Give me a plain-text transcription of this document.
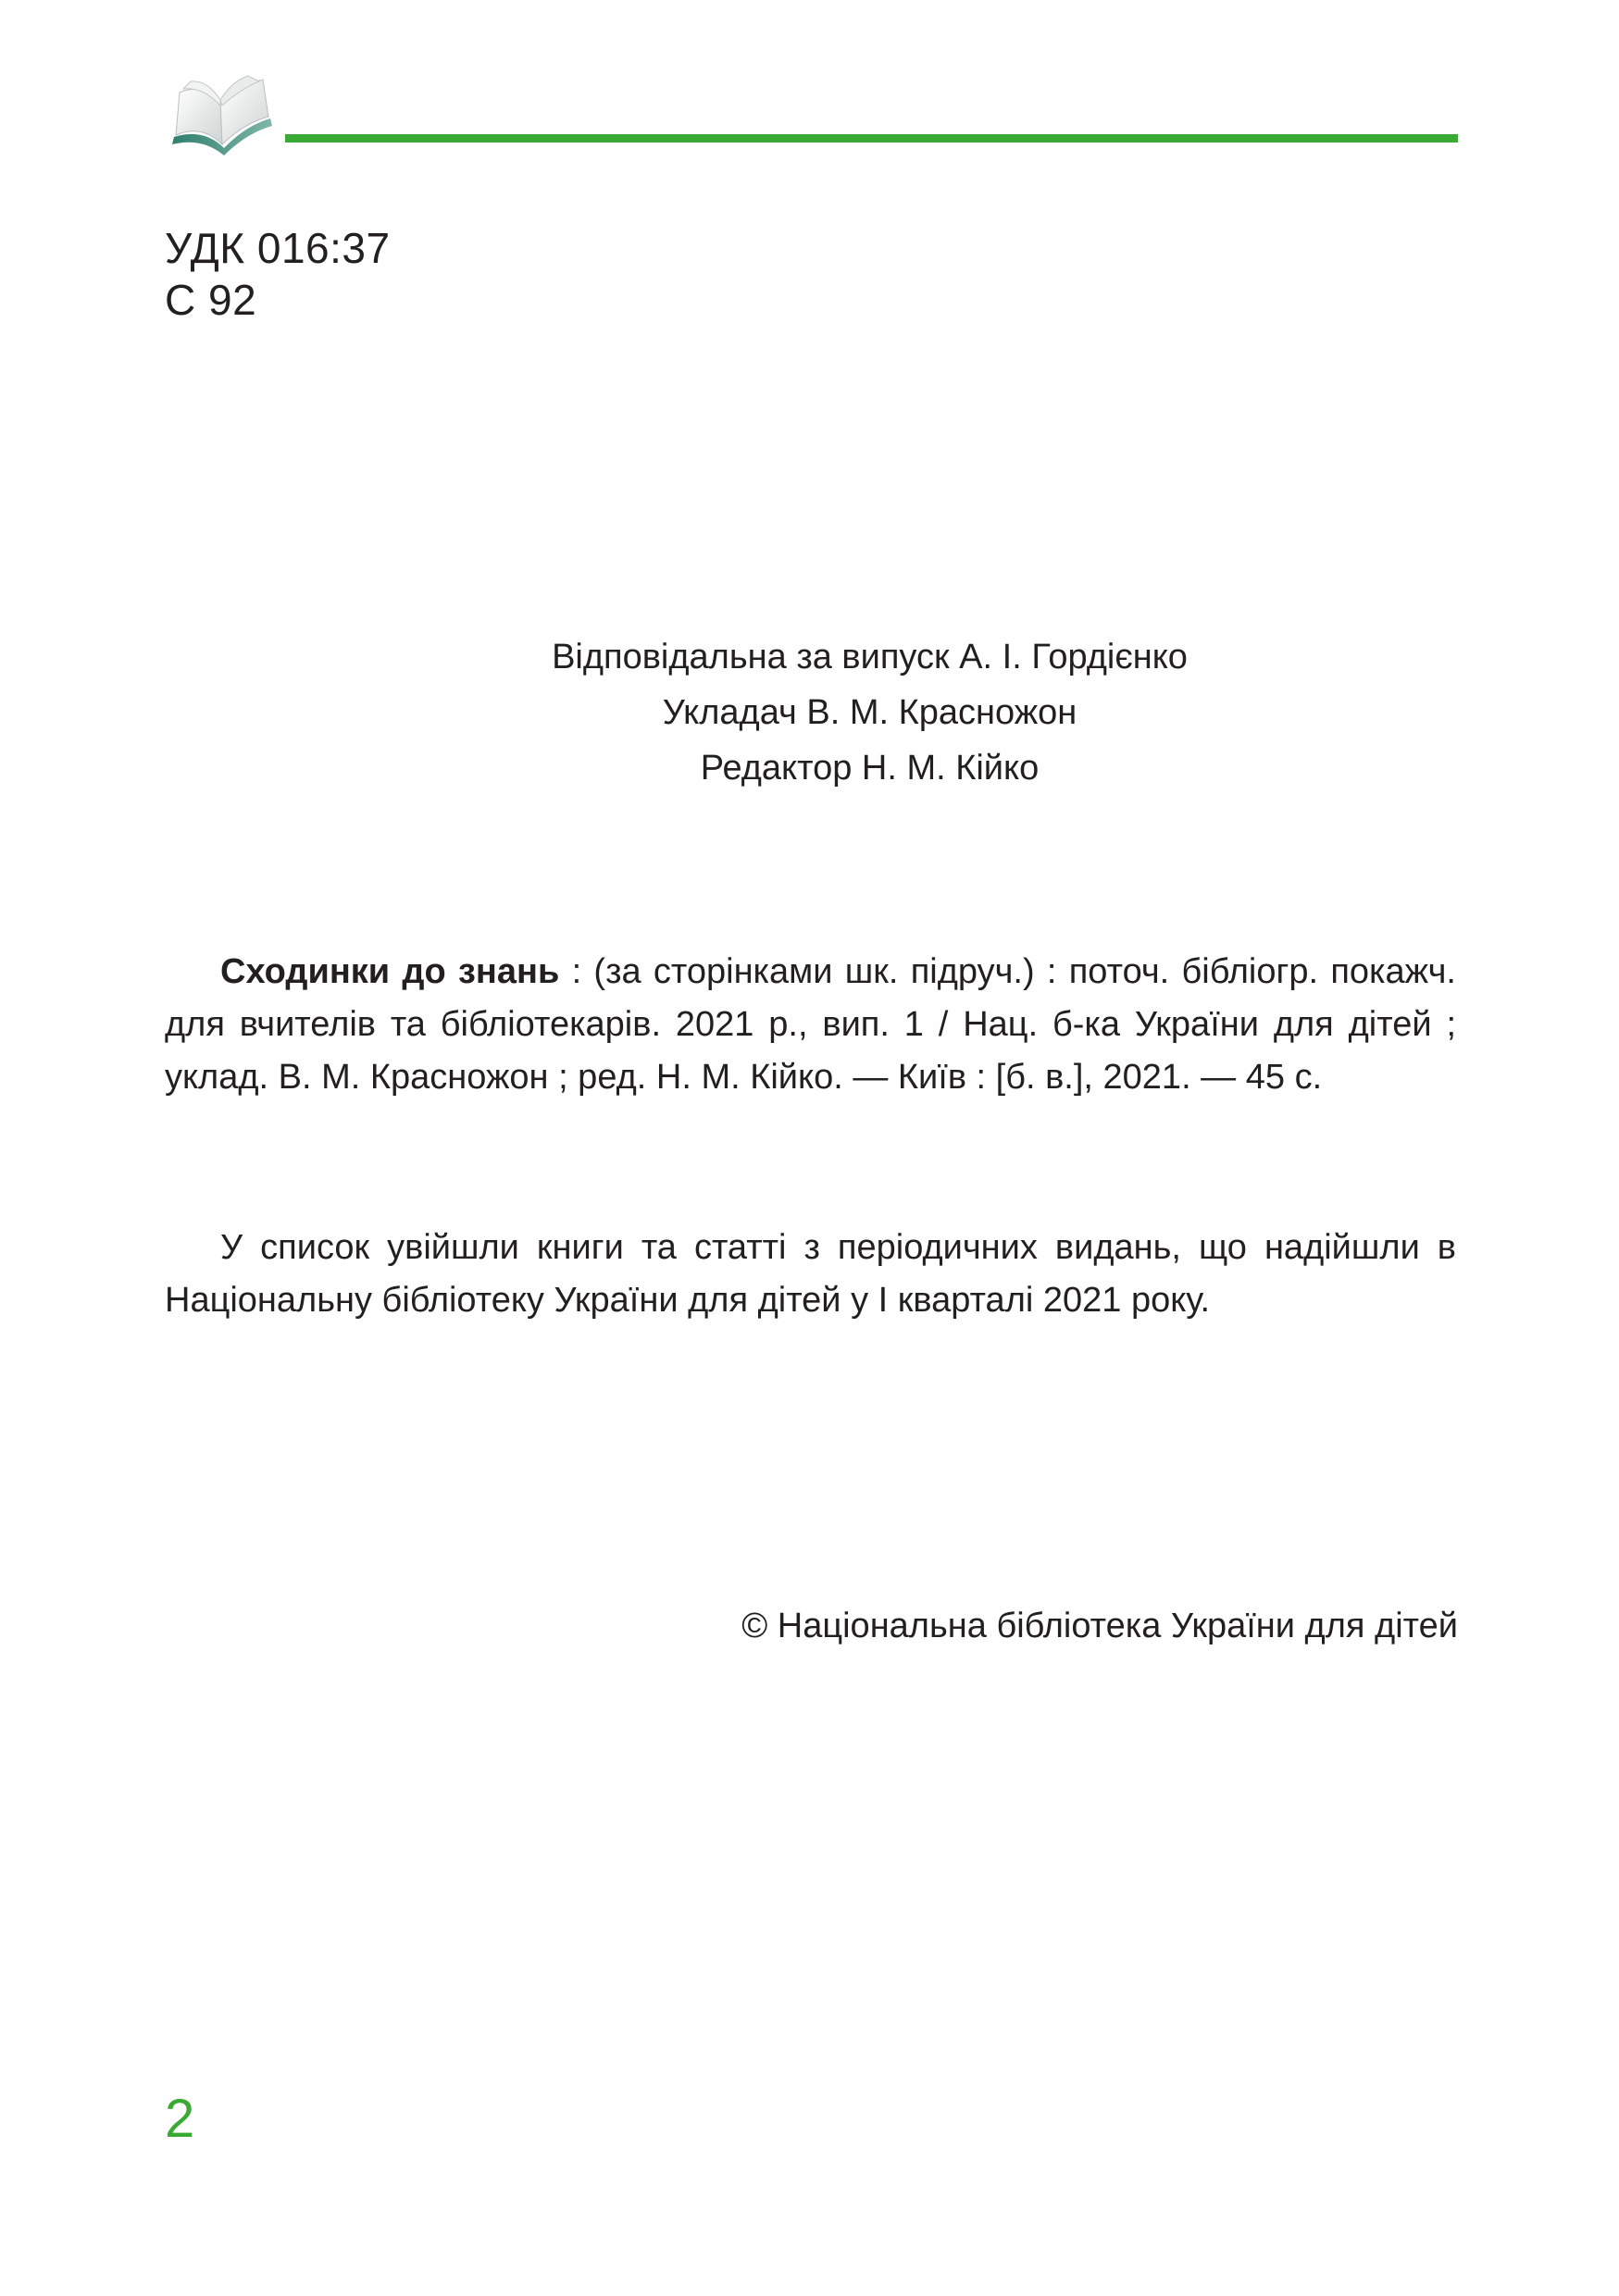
УДК 016:37
С 92
Відповідальна за випуск А. І. Гордієнко
Укладач В. М. Красножон
Редактор Н. М. Кійко

Сходинки до знань : (за сторінками шк. підруч.) : поточ. бібліогр. покажч. для вчителів та бібліотекарів. 2021 р., вип. 1 / Нац. б-ка України для дітей ; уклад. В. М. Красножон ; ред. Н. М. Кійко. — Київ : [б. в.], 2021. — 45 с.

У список увійшли книги та статті з періодичних видань, що надійшли в Національну бібліотеку України для дітей у І кварталі 2021 року.

© Національна бібліотека України для дітей
2
